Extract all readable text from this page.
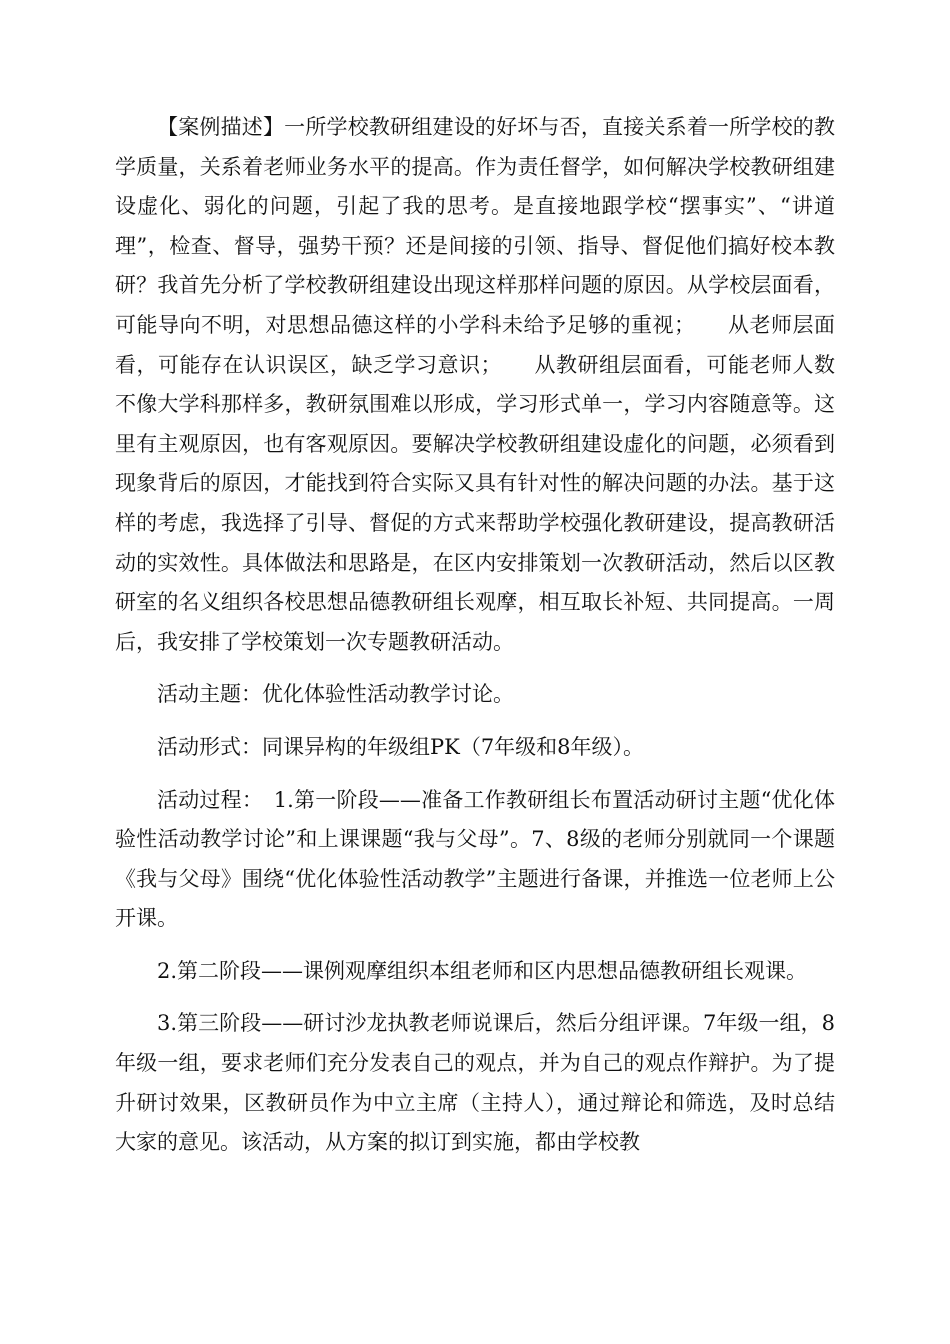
【案例描述】一所学校教研组建设的好坏与否，直接关系着一所学校的教学质量，关系着老师业务水平的提高。作为责任督学，如何解决学校教研组建设虚化、弱化的问题，引起了我的思考。是直接地跟学校“摆事实”、“讲道理”，检查、督导，强势干预？还是间接的引领、指导、督促他们搞好校本教研？我首先分析了学校教研组建设出现这样那样问题的原因。从学校层面看，可能导向不明，对思想品德这样的小学科未给予足够的重视；　　从老师层面看，可能存在认识误区，缺乏学习意识；　　从教研组层面看，可能老师人数不像大学科那样多，教研氛围难以形成，学习形式单一，学习内容随意等。这里有主观原因，也有客观原因。要解决学校教研组建设虚化的问题，必须看到现象背后的原因，才能找到符合实际又具有针对性的解决问题的办法。基于这样的考虑，我选择了引导、督促的方式来帮助学校强化教研建设，提高教研活动的实效性。具体做法和思路是，在区内安排策划一次教研活动，然后以区教研室的名义组织各校思想品德教研组长观摩，相互取长补短、共同提高。一周后，我安排了学校策划一次专题教研活动。

活动主题：优化体验性活动教学讨论。

活动形式：同课异构的年级组PK（7年级和8年级）。

活动过程：　1.第一阶段——准备工作教研组长布置活动研讨主题“优化体验性活动教学讨论”和上课课题“我与父母”。7、8级的老师分别就同一个课题《我与父母》围绕“优化体验性活动教学”主题进行备课，并推选一位老师上公开课。

2.第二阶段——课例观摩组织本组老师和区内思想品德教研组长观课。

3.第三阶段——研讨沙龙执教老师说课后，然后分组评课。7年级一组，8年级一组，要求老师们充分发表自己的观点，并为自己的观点作辩护。为了提升研讨效果，区教研员作为中立主席（主持人），通过辩论和筛选，及时总结大家的意见。该活动，从方案的拟订到实施，都由学校教
